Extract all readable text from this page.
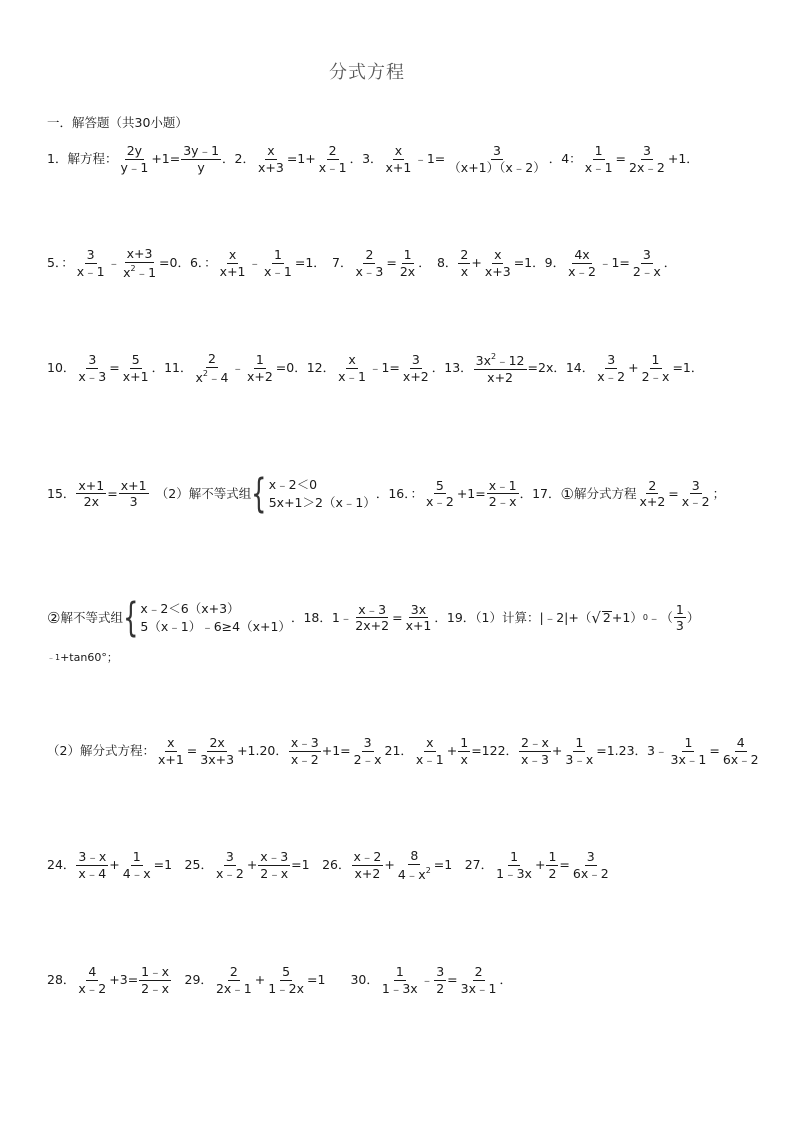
分式方程
一．解答题（共30小题）
1．解方程： $\frac{2y}{y﹣1} +1= \frac{3y﹣1}{y}$ ．2． $\frac{x}{x+3} =1+ \frac{2}{x﹣1}$ ．3． $\frac{x}{x+1}$ ﹣1= $\frac{3}{(x+1)(x﹣2)}$ ．4： $\frac{1}{x﹣1} = \frac{3}{2x﹣2} +1$．
5．： $\frac{3}{x﹣1}$ ﹣ $\frac{x+3}{x^2﹣1} =0$．6．： $\frac{x}{x+1}$ ﹣ $\frac{1}{x﹣1} =1$．　7． $\frac{2}{x﹣3} = \frac{1}{2x}$ ．　8． $\frac{2}{x} + \frac{x}{x+3} =1$．9． $\frac{4x}{x﹣2}$ ﹣1= $\frac{3}{2﹣x}$ ．
10． $\frac{3}{x﹣3} = \frac{5}{x+1}$ ．11． $\frac{2}{x^2﹣4}$ ﹣ $\frac{1}{x+2} =0$．12． $\frac{x}{x﹣1}$ ﹣1= $\frac{3}{x+2}$ ．13． $\frac{3x^2﹣12}{x+2} =2x$．14． $\frac{3}{x﹣2} + \frac{1}{2﹣x} =1$．
15． $\frac{x+1}{2x} = \frac{x+1}{3}$ 　（2）解不等式组 { x﹣2＜0
5x+1＞2（x﹣1）
．16．： $\frac{5}{x﹣2} +1= \frac{x﹣1}{2﹣x}$ ．17． ① 解分式方程 $\frac{2}{x+2} = \frac{3}{x﹣2}$ ；
② 解不等式组 { x﹣2＜6（x+3）
5（x﹣1）﹣6≥4（x+1）
．18．1﹣ $\frac{x﹣3}{2x+2} = \frac{3x}{x+1}$ ．19．（1）计算：|﹣2|+（ √ 2 +1） 0 ﹣（ $\frac{1}{3}$ ）
﹣1 +tan60°；
（2）解分式方程： $\frac{x}{x+1} = \frac{2x}{3x+3} +1.20$． $\frac{x﹣3}{x﹣2} +1= \frac{3}{2﹣x} 21$． $\frac{x}{x﹣1} + \frac{1}{x} =122$． $\frac{2﹣x}{x﹣3} + \frac{1}{3﹣x} =1.23$．3﹣ $\frac{1}{3x﹣1} = \frac{4}{6x﹣2}$
24． $\frac{3﹣x}{x﹣4} + \frac{1}{4﹣x} =1$　25． $\frac{3}{x﹣2} + \frac{x﹣3}{2﹣x} =1$　26． $\frac{x﹣2}{x+2} + \frac{8}{4﹣x^2} =1$　27． $\frac{1}{1﹣3x} + \frac{1}{2} = \frac{3}{6x﹣2}$
28． $\frac{4}{x﹣2} +3= \frac{1﹣x}{2﹣x}$ 　29． $\frac{2}{2x﹣1} + \frac{5}{1﹣2x} =1$　　30． $\frac{1}{1﹣3x}$ ﹣ $\frac{3}{2} = \frac{2}{3x﹣1}$ ．
